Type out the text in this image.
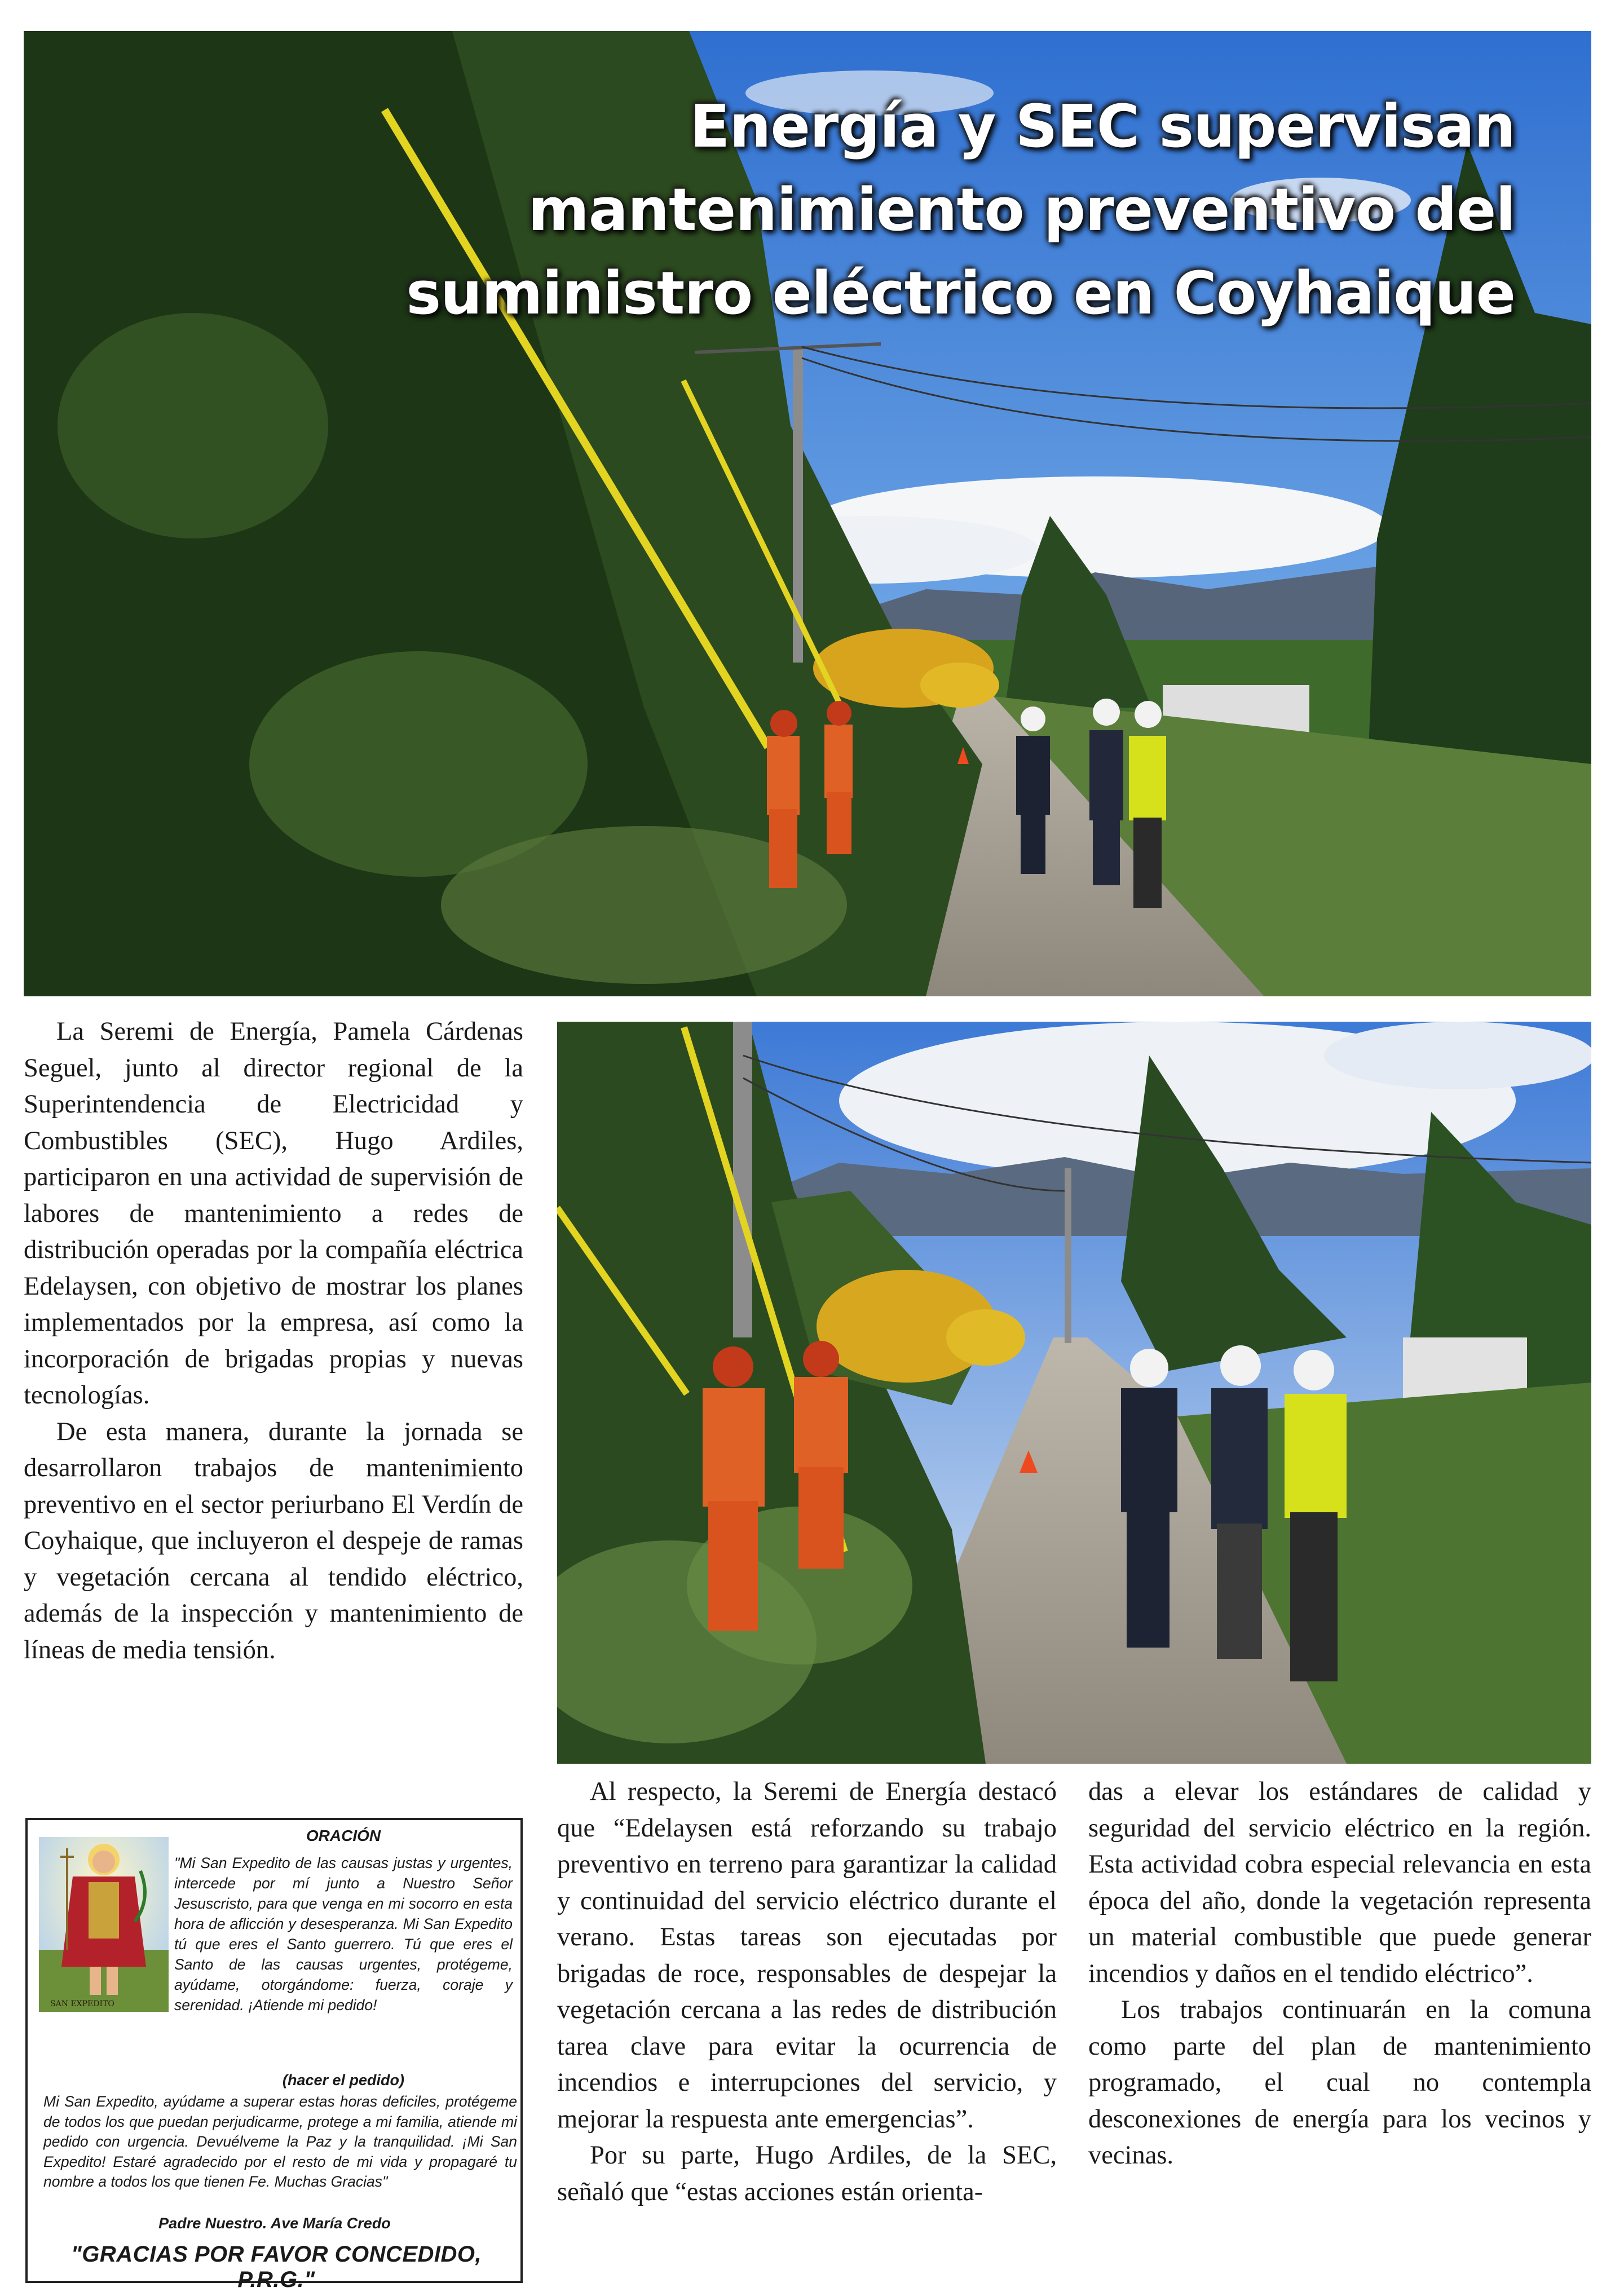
Energía y SEC supervisan
mantenimiento preventivo del
suministro eléctrico en Coyhaique

La Seremi de Energía, Pamela Cárdenas Seguel, junto al director regional de la Superintendencia de Electricidad y Combustibles (SEC), Hugo Ardiles, participaron en una actividad de supervisión de labores de mantenimiento a redes de distribución operadas por la compañía eléctrica Edelaysen, con objetivo de mostrar los planes implementados por la empresa, así como la incorporación de brigadas propias y nuevas tecnologías.

De esta manera, durante la jornada se desarrollaron trabajos de mantenimiento preventivo en el sector periurbano El Verdín de Coyhaique, que incluyeron el despeje de ramas y vegetación cercana al tendido eléctrico, además de la inspección y mantenimiento de líneas de media tensión.

ORACIÓN
SAN EXPEDITO

"Mi San Expedito de las causas justas y urgentes, intercede por mí junto a Nuestro Señor Jesuscristo, para que venga en mi socorro en esta hora de aflicción y desesperanza. Mi San Expedito tú que eres el Santo guerrero. Tú que eres el Santo de las causas urgentes, protégeme, ayúdame, otorgándome: fuerza, coraje y serenidad. ¡Atiende mi pedido!

(hacer el pedido)

Mi San Expedito, ayúdame a superar estas horas deficiles, protégeme de todos los que puedan perjudicarme, protege a mi familia, atiende mi pedido con urgencia. Devuélveme la Paz y la tranquilidad. ¡Mi San Expedito! Estaré agradecido por el resto de mi vida y propagaré tu nombre a todos los que tienen Fe. Muchas Gracias"

Padre Nuestro. Ave María Credo
"GRACIAS POR FAVOR CONCEDIDO, P.R.G."

Al respecto, la Seremi de Energía destacó que “Edelaysen está reforzando su trabajo preventivo en terreno para garantizar la calidad y continuidad del servicio eléctrico durante el verano. Estas tareas son ejecutadas por brigadas de roce, responsables de despejar la vegetación cercana a las redes de distribución tarea clave para evitar la ocurrencia de incendios e interrupciones del servicio, y mejorar la respuesta ante emergencias”.

Por su parte, Hugo Ardiles, de la SEC, señaló que “estas acciones están orienta-

das a elevar los estándares de calidad y seguridad del servicio eléctrico en la región. Esta actividad cobra especial relevancia en esta época del año, donde la vegetación representa un material combustible que puede generar incendios y daños en el tendido eléctrico”.

Los trabajos continuarán en la comuna como parte del plan de mantenimiento programado, el cual no contempla desconexiones de energía para los vecinos y vecinas.
